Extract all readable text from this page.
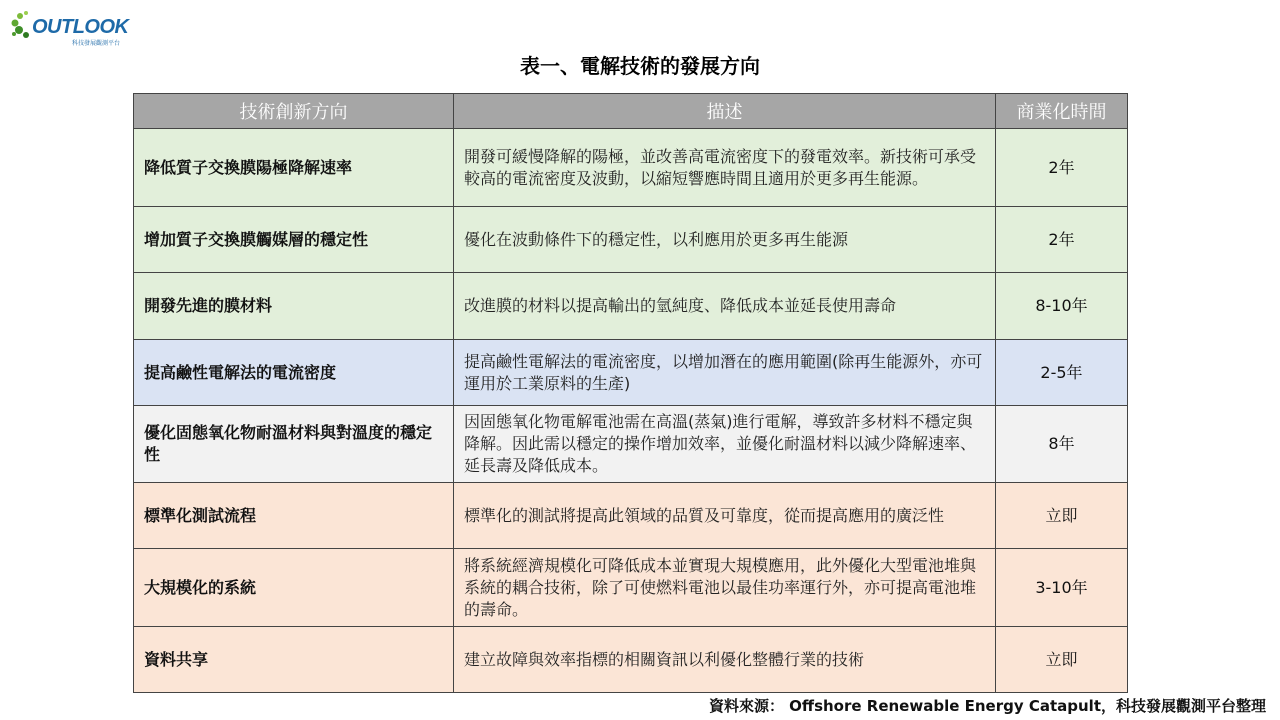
OUTLOOK
科技發展觀測平台
表一、電解技術的發展方向
技術創新方向	描述	商業化時間
降低質子交換膜陽極降解速率	開發可緩慢降解的陽極，並改善高電流密度下的發電效率。新技術可承受較高的電流密度及波動，以縮短響應時間且適用於更多再生能源。	2年
增加質子交換膜觸媒層的穩定性	優化在波動條件下的穩定性，以利應用於更多再生能源	2年
開發先進的膜材料	改進膜的材料以提高輸出的氫純度、降低成本並延長使用壽命	8-10年
提高鹼性電解法的電流密度	提高鹼性電解法的電流密度，以增加潛在的應用範圍(除再生能源外，亦可運用於工業原料的生產)	2-5年
優化固態氧化物耐溫材料與對溫度的穩定性	因固態氧化物電解電池需在高溫(蒸氣)進行電解，導致許多材料不穩定與降解。因此需以穩定的操作增加效率，並優化耐溫材料以減少降解速率、延長壽及降低成本。	8年
標準化測試流程	標準化的測試將提高此領域的品質及可靠度，從而提高應用的廣泛性	立即
大規模化的系統	將系統經濟規模化可降低成本並實現大規模應用，此外優化大型電池堆與系統的耦合技術，除了可使燃料電池以最佳功率運行外，亦可提高電池堆的壽命。	3-10年
資料共享	建立故障與效率指標的相關資訊以利優化整體行業的技術	立即
資料來源： Offshore Renewable Energy Catapult，科技發展觀測平台整理
